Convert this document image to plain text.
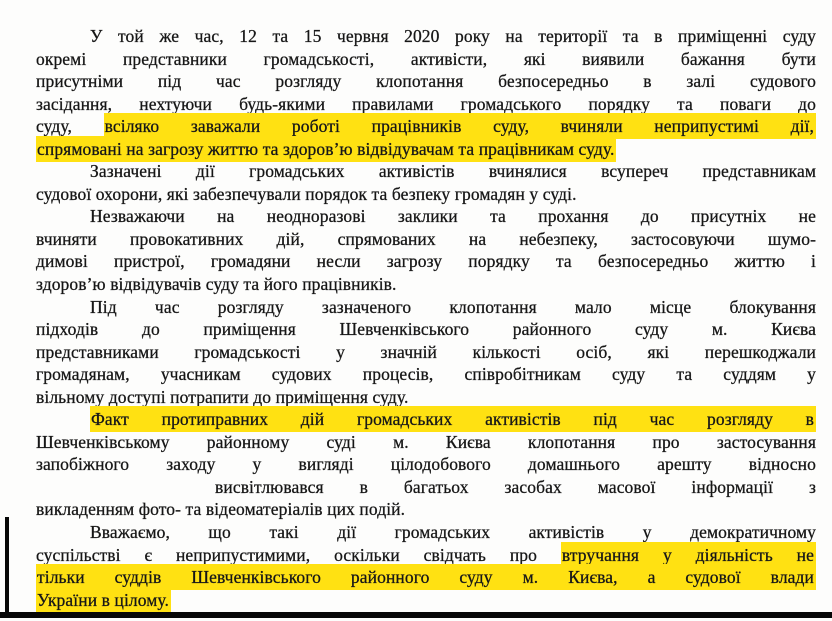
У той же час, 12 та 15 червня 2020 року на території та в приміщенні суду
окремі представники громадськості, активісти, які виявили бажання бути
присутніми під час розгляду клопотання безпосередньо в залі судового
засідання, нехтуючи будь-якими правилами громадського порядку та поваги до
суду, всіляко заважали роботі працівників суду, вчиняли неприпустимі дії,
спрямовані на загрозу життю та здоров’ю відвідувачам та працівникам суду.
Зазначені дії громадських активістів вчинялися всупереч представникам
судової охорони, які забезпечували порядок та безпеку громадян у суді.
Незважаючи на неодноразові заклики та прохання до присутніх не
вчиняти провокативних дій, спрямованих на небезпеку, застосовуючи шумо-
димові пристрої, громадяни несли загрозу порядку та безпосередньо життю і
здоров’ю відвідувачів суду та його працівників.
Під час розгляду зазначеного клопотання мало місце блокування
підходів до приміщення Шевченківського районного суду м. Києва
представниками громадськості у значній кількості осіб, які перешкоджали
громадянам, учасникам судових процесів, співробітникам суду та суддям у
вільному доступі потрапити до приміщення суду.
Факт протиправних дій громадських активістів під час розгляду в
Шевченківському районному суді м. Києва клопотання про застосування
запобіжного заходу у вигляді цілодобового домашнього арешту відносно
висвітлювався в багатьох засобах масової інформації з
викладенням фото- та відеоматеріалів цих подій.
Вважаємо, що такі дії громадських активістів у демократичному
суспільстві є неприпустимими, оскільки свідчать про втручання у діяльність не
тільки суддів Шевченківського районного суду м. Києва, а судової влади
України в цілому.
